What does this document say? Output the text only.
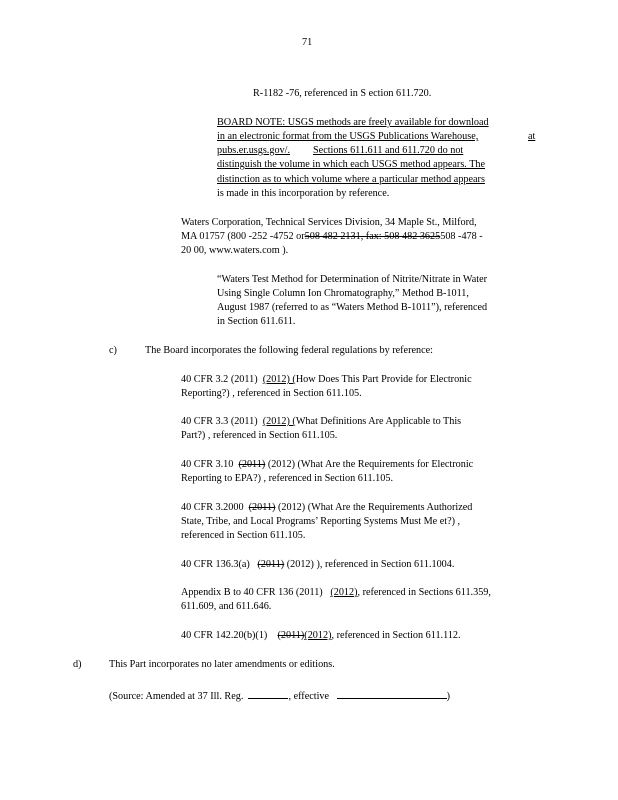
71
R-1182 -76, referenced in S ection 611.720.
BOARD NOTE: USGS methods are freely available for download
in an electronic format from the USGS Publications Warehouse,	at
pubs.er.usgs.gov/. Sections 611.611 and 611.720 do not
distinguish the volume in which each USGS method appears. The
distinction as to which volume where a particular method appears
is made in this incorporation by reference.
Waters Corporation, Technical Services Division, 34 Maple St., Milford,
MA 01757 (800 -252 -4752 or508 482 2131, fax: 508 482 3625508 -478 -
20 00, www.waters.com ).
“Waters Test Method for Determination of Nitrite/Nitrate in Water
Using Single Column Ion Chromatography,” Method B-1011,
August 1987 (referred to as “Waters Method B-1011”), referenced
in Section 611.611.
c)	The Board incorporates the following federal regulations by reference:
40 CFR 3.2 (2011) (2012) (How Does This Part Provide for Electronic
Reporting?) , referenced in Section 611.105.
40 CFR 3.3 (2011) (2012) (What Definitions Are Applicable to This
Part?) , referenced in Section 611.105.
40 CFR 3.10 (2011) (2012) (What Are the Requirements for Electronic
Reporting to EPA?) , referenced in Section 611.105.
40 CFR 3.2000 (2011) (2012) (What Are the Requirements Authorized
State, Tribe, and Local Programs’ Reporting Systems Must Me et?) ,
referenced in Section 611.105.
40 CFR 136.3(a) (2011) (2012) ), referenced in Section 611.1004.
Appendix B to 40 CFR 136 (2011) (2012), referenced in Sections 611.359,
611.609, and 611.646.
40 CFR 142.20(b)(1) (2011)(2012), referenced in Section 611.112.
d)	This Part incorporates no later amendments or editions.
(Source: Amended at 37 Ill. Reg.	, effective	)
